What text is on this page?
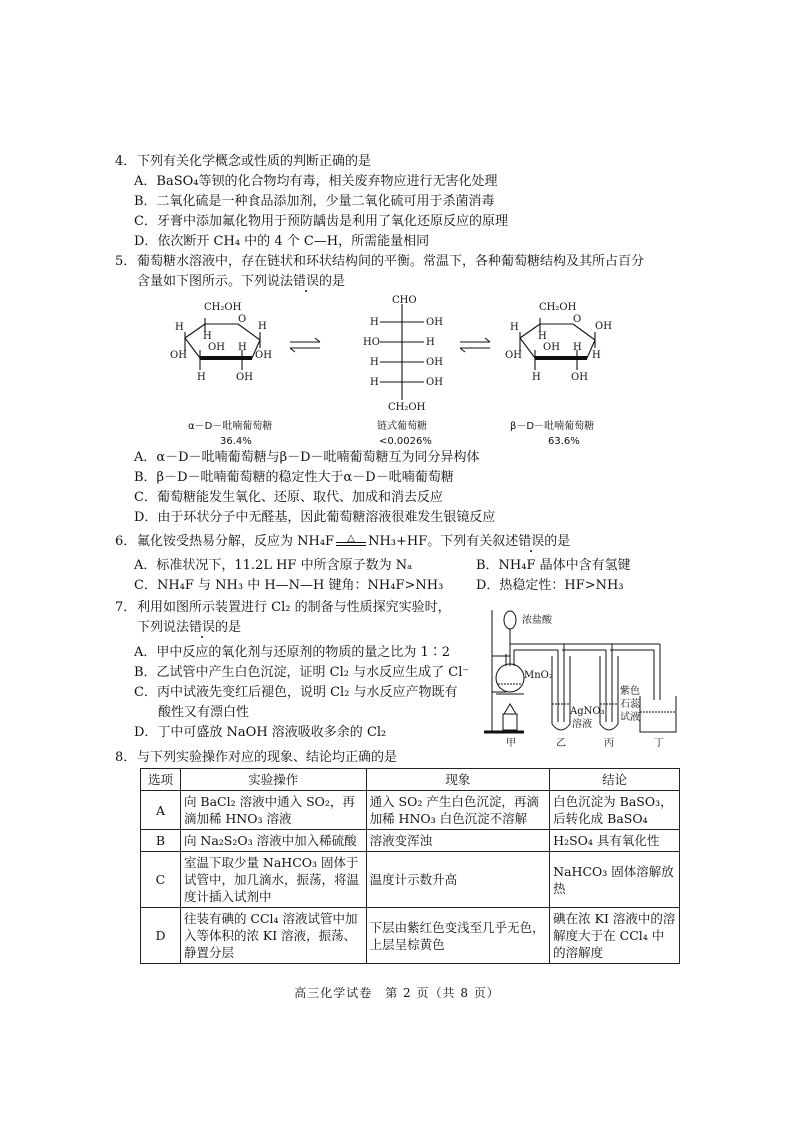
4． 下列有关化学概念或性质的判断正确的是
A．BaSO₄等钡的化合物均有毒，相关废弃物应进行无害化处理
B．二氧化硫是一种食品添加剂，少量二氧化硫可用于杀菌消毒
C．牙膏中添加氟化物用于预防龋齿是利用了氧化还原反应的原理
D．依次断开 CH₄ 中的 4 个 C—H，所需能量相同
5． 葡萄糖水溶液中，存在链状和环状结构间的平衡。常温下，各种葡萄糖结构及其所占百分
含量如下图所示。下列说法错误的是
CH₂OH
O
H
H
H
OH
OH
OH
H
H	OH
CHO
H	OH
HO	H
H	OH
H	OH
CH₂OH
CH₂OH
O
OH
H
H
OH
H
OH
H
H	OH
α－D－吡喃葡萄糖
36.4%
链式葡萄糖
<0.0026%
β－D－吡喃葡萄糖
63.6%
A．α－D－吡喃葡萄糖与β－D－吡喃葡萄糖互为同分异构体
B．β－D－吡喃葡萄糖的稳定性大于α－D－吡喃葡萄糖
C．葡萄糖能发生氧化、还原、取代、加成和消去反应
D．由于环状分子中无醛基，因此葡萄糖溶液很难发生银镜反应
6． 氟化铵受热易分解，反应为 NH₄F △ NH₃+HF。下列有关叙述错误的是
A．标准状况下，11.2L HF 中所含原子数为 Nₐ	B．NH₄F 晶体中含有氢键
C．NH₄F 与 NH₃ 中 H—N—H 键角：NH₄F>NH₃	D．热稳定性：HF>NH₃
7． 利用如图所示装置进行 Cl₂ 的制备与性质探究实验时，
下列说法错误的是
A．甲中反应的氧化剂与还原剂的物质的量之比为 1∶2
B．乙试管中产生白色沉淀，证明 Cl₂ 与水反应生成了 Cl⁻
C．丙中试液先变红后褪色，说明 Cl₂ 与水反应产物既有
酸性又有漂白性
D．丁中可盛放 NaOH 溶液吸收多余的 Cl₂
浓盐酸
MnO₂
AgNO₃
溶液
紫色
石蕊
试液
甲	乙	丙	丁
8． 与下列实验操作对应的现象、结论均正确的是
选项	实验操作	现象	结论
A	向 BaCl₂ 溶液中通入 SO₂，再滴加稀 HNO₃ 溶液	通入 SO₂ 产生白色沉淀，再滴加稀 HNO₃ 白色沉淀不溶解	白色沉淀为 BaSO₃，后转化成 BaSO₄
B	向 Na₂S₂O₃ 溶液中加入稀硫酸	溶液变浑浊	H₂SO₄ 具有氧化性
C	室温下取少量 NaHCO₃ 固体于试管中，加几滴水，振荡，将温度计插入试剂中	温度计示数升高	NaHCO₃ 固体溶解放热
D	往装有碘的 CCl₄ 溶液试管中加入等体积的浓 KI 溶液，振荡、静置分层	下层由紫红色变浅至几乎无色，上层呈棕黄色	碘在浓 KI 溶液中的溶解度大于在 CCl₄ 中的溶解度
高三化学试卷　第 2 页（共 8 页）
